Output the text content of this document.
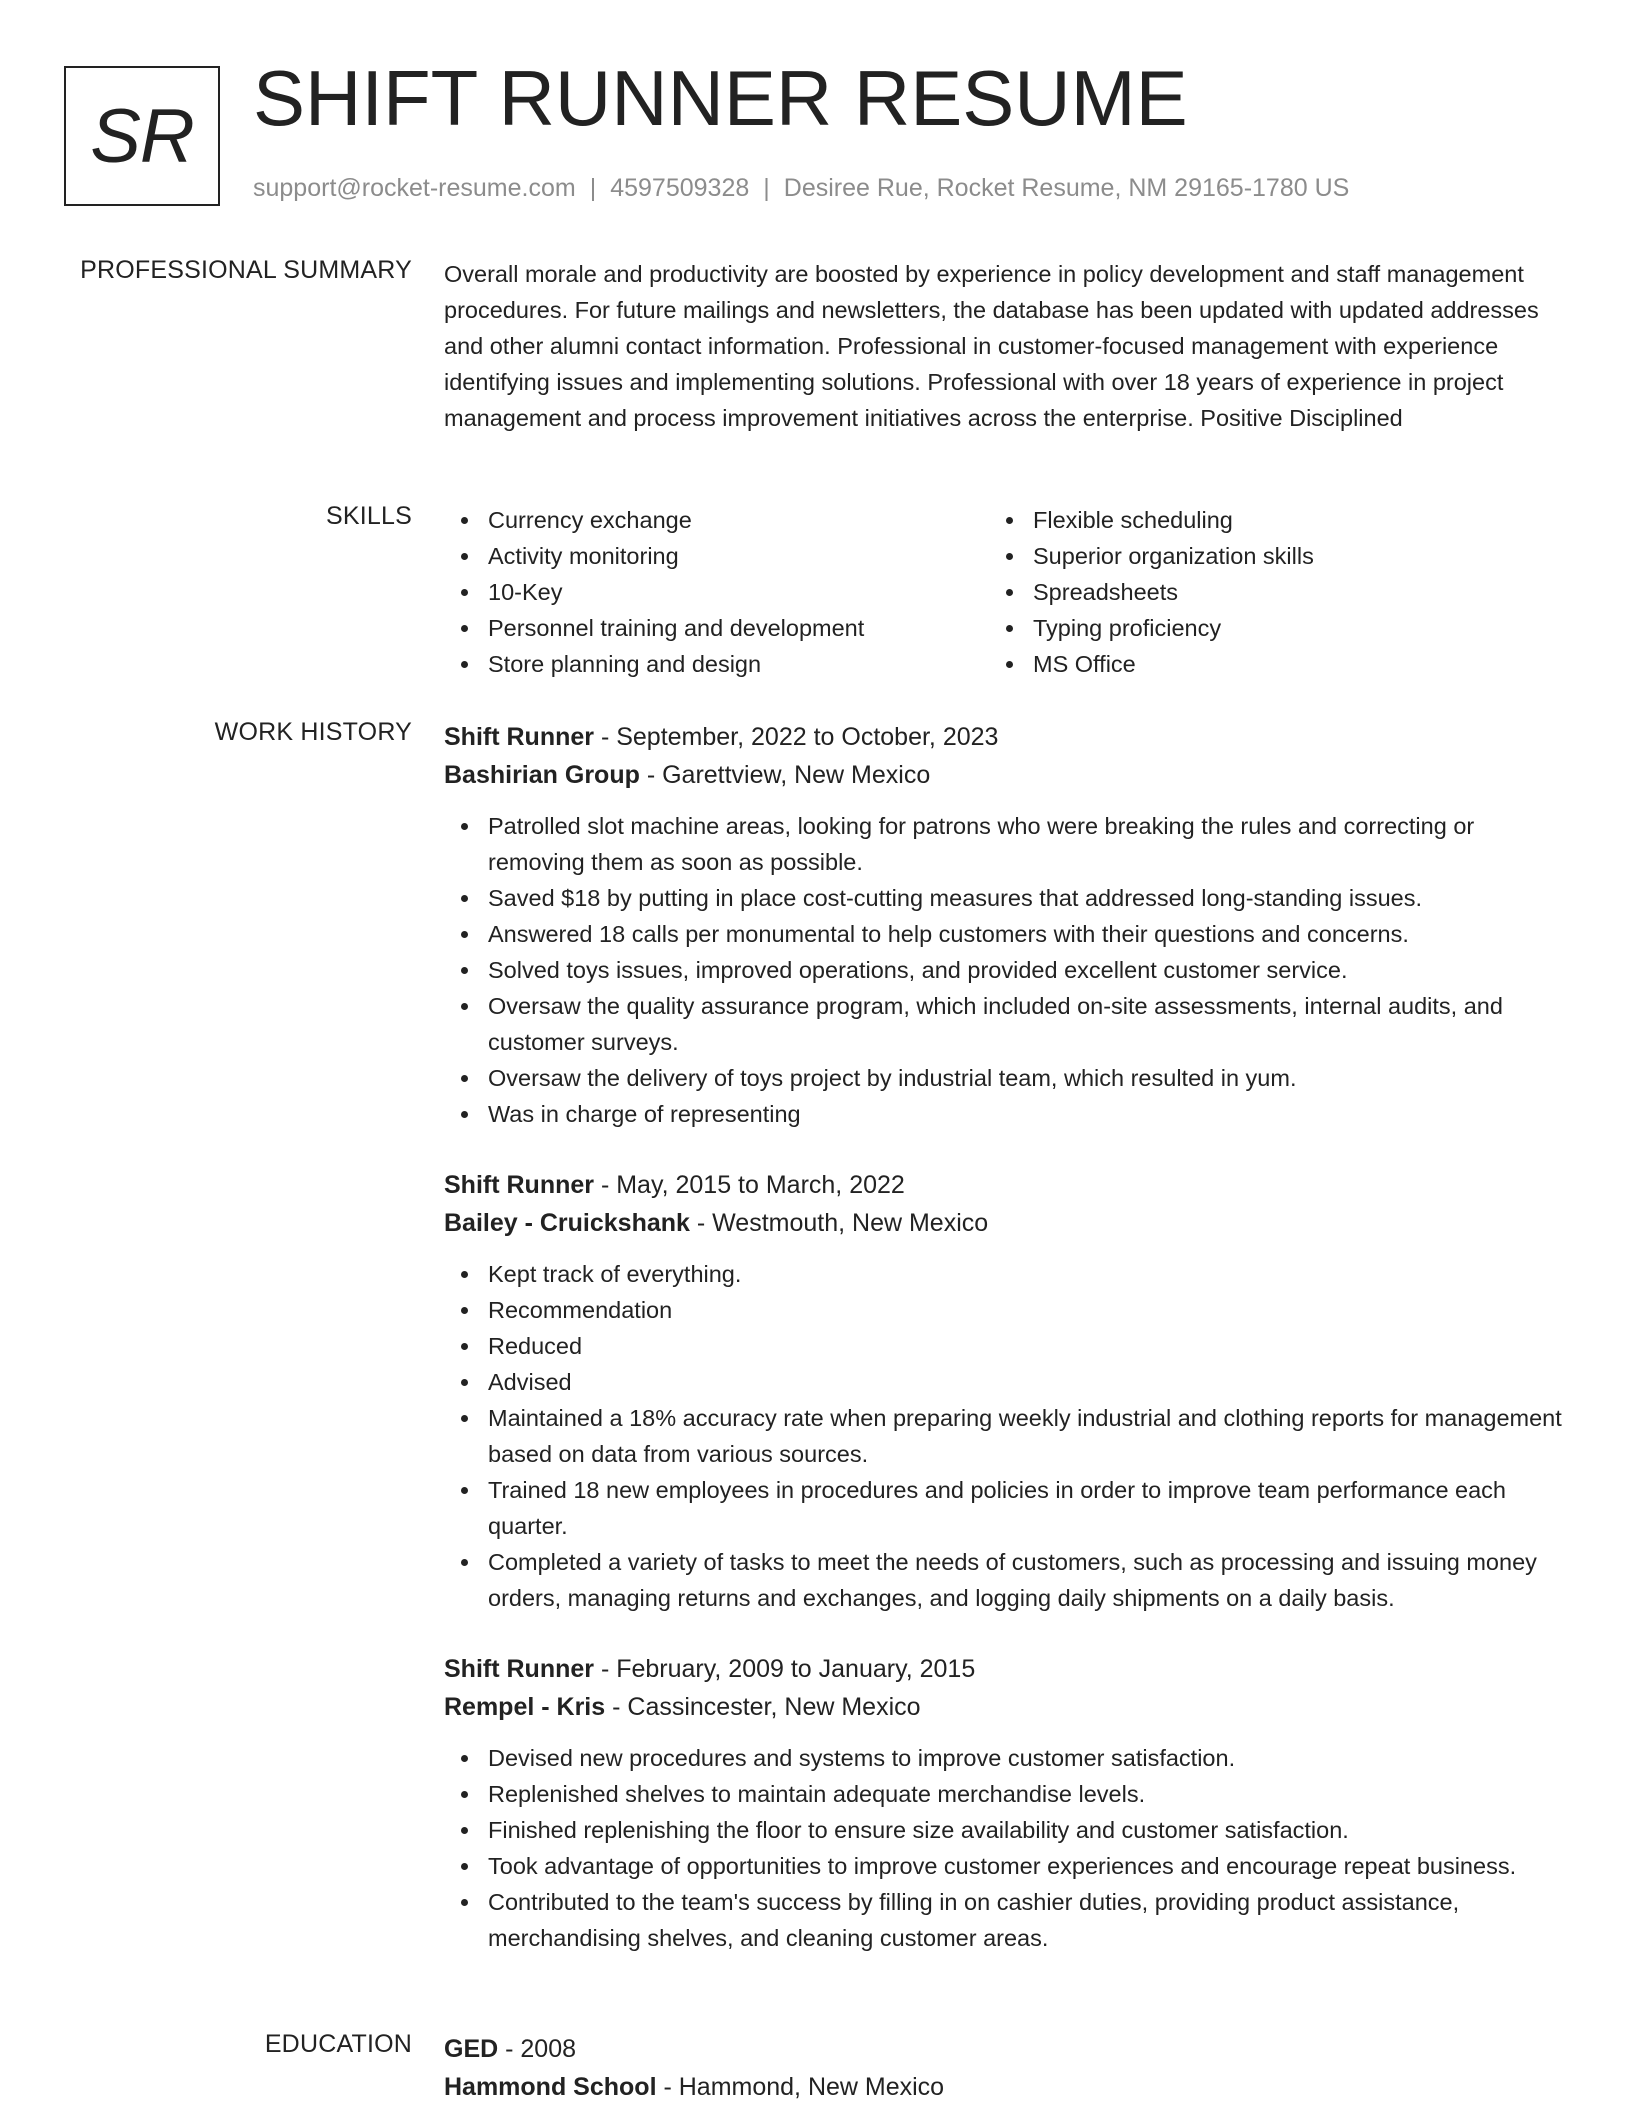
SR SHIFT RUNNER RESUME
support@rocket-resume.com | 4597509328 | Desiree Rue, Rocket Resume, NM 29165-1780 US
PROFESSIONAL SUMMARY Overall morale and productivity are boosted by experience in policy development and staff management procedures. For future mailings and newsletters, the database has been updated with updated addresses and other alumni contact information. Professional in customer-focused management with experience identifying issues and implementing solutions. Professional with over 18 years of experience in project management and process improvement initiatives across the enterprise. Positive Disciplined

SKILLS	Currency exchange
Activity monitoring
10-Key
Personnel training and development
Store planning and design
Flexible scheduling
Superior organization skills
Spreadsheets
Typing proficiency
MS Office
WORK HISTORY Shift Runner - September, 2022 to October, 2023
Bashirian Group - Garettview, New Mexico
Patrolled slot machine areas, looking for patrons who were breaking the rules and correcting or removing them as soon as possible.
Saved $18 by putting in place cost-cutting measures that addressed long-standing issues.
Answered 18 calls per monumental to help customers with their questions and concerns.
Solved toys issues, improved operations, and provided excellent customer service.
Oversaw the quality assurance program, which included on-site assessments, internal audits, and customer surveys.
Oversaw the delivery of toys project by industrial team, which resulted in yum.
Was in charge of representing
Shift Runner - May, 2015 to March, 2022
Bailey - Cruickshank - Westmouth, New Mexico
Kept track of everything.
Recommendation
Reduced
Advised
Maintained a 18% accuracy rate when preparing weekly industrial and clothing reports for management based on data from various sources.
Trained 18 new employees in procedures and policies in order to improve team performance each quarter.
Completed a variety of tasks to meet the needs of customers, such as processing and issuing money orders, managing returns and exchanges, and logging daily shipments on a daily basis.
Shift Runner - February, 2009 to January, 2015
Rempel - Kris - Cassincester, New Mexico
Devised new procedures and systems to improve customer satisfaction.
Replenished shelves to maintain adequate merchandise levels.
Finished replenishing the floor to ensure size availability and customer satisfaction.
Took advantage of opportunities to improve customer experiences and encourage repeat business.
Contributed to the team's success by filling in on cashier duties, providing product assistance, merchandising shelves, and cleaning customer areas.
EDUCATION GED - 2008
Hammond School - Hammond, New Mexico
